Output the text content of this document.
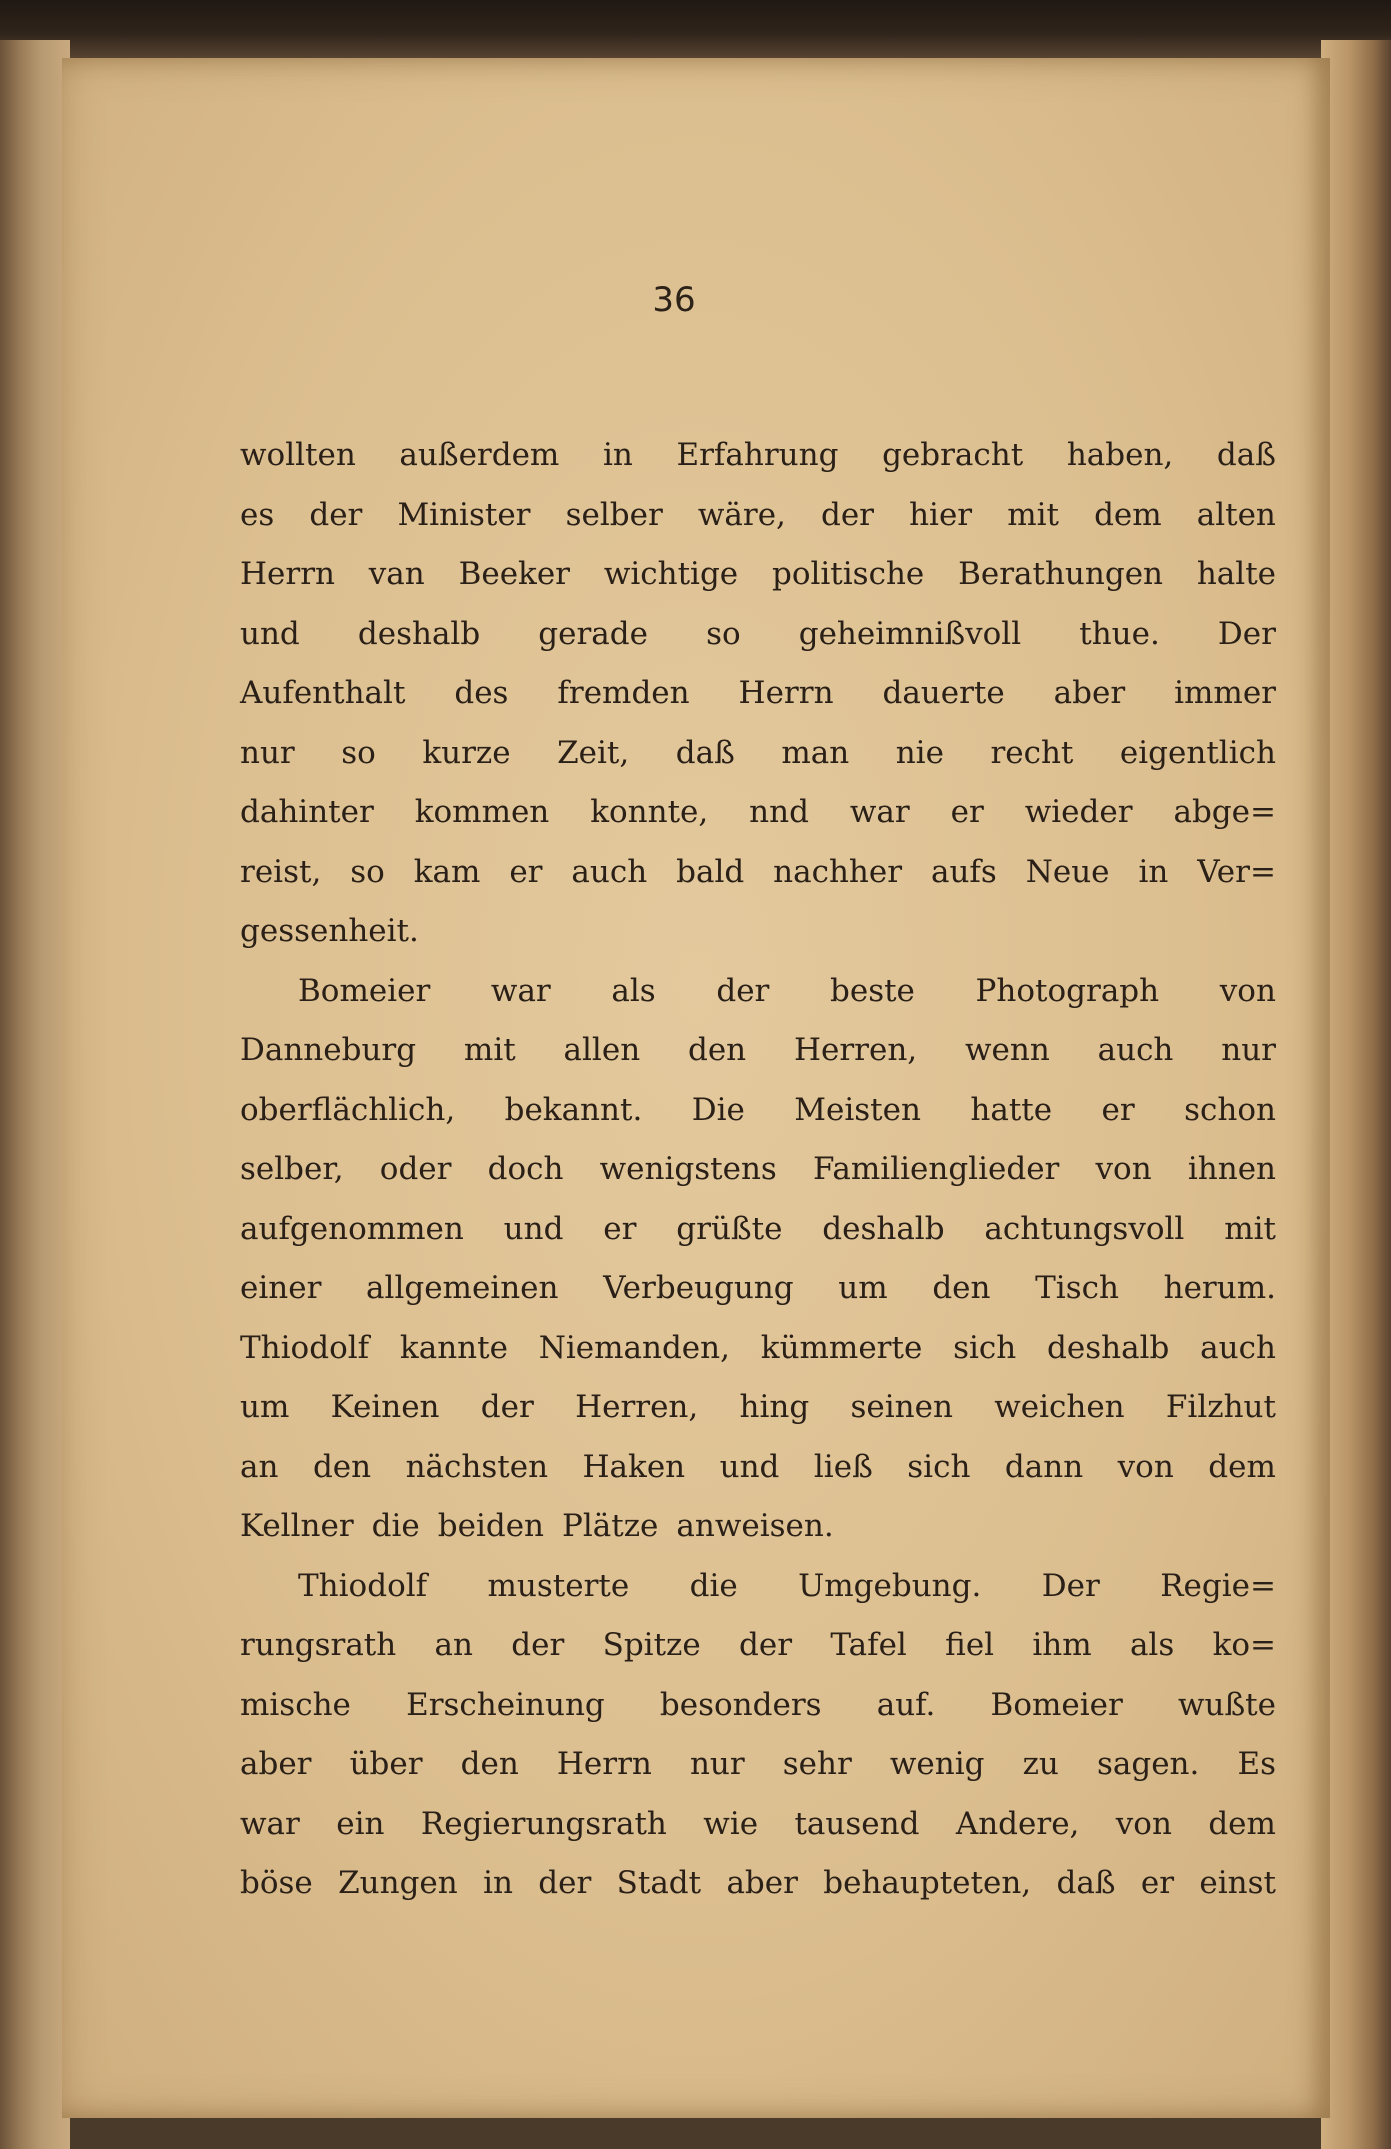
36
wollten außerdem in Erfahrung gebracht haben, daß
es der Minister selber wäre, der hier mit dem alten
Herrn van Beeker wichtige politische Berathungen halte
und deshalb gerade so geheimnißvoll thue. Der
Aufenthalt des fremden Herrn dauerte aber immer
nur so kurze Zeit, daß man nie recht eigentlich
dahinter kommen konnte, nnd war er wieder abge=
reist, so kam er auch bald nachher aufs Neue in Ver=
gessenheit.
Bomeier war als der beste Photograph von
Danneburg mit allen den Herren, wenn auch nur
oberflächlich, bekannt. Die Meisten hatte er schon
selber, oder doch wenigstens Familienglieder von ihnen
aufgenommen und er grüßte deshalb achtungsvoll mit
einer allgemeinen Verbeugung um den Tisch herum.
Thiodolf kannte Niemanden, kümmerte sich deshalb auch
um Keinen der Herren, hing seinen weichen Filzhut
an den nächsten Haken und ließ sich dann von dem
Kellner die beiden Plätze anweisen.
Thiodolf musterte die Umgebung. Der Regie=
rungsrath an der Spitze der Tafel fiel ihm als ko=
mische Erscheinung besonders auf. Bomeier wußte
aber über den Herrn nur sehr wenig zu sagen. Es
war ein Regierungsrath wie tausend Andere, von dem
böse Zungen in der Stadt aber behaupteten, daß er einst
